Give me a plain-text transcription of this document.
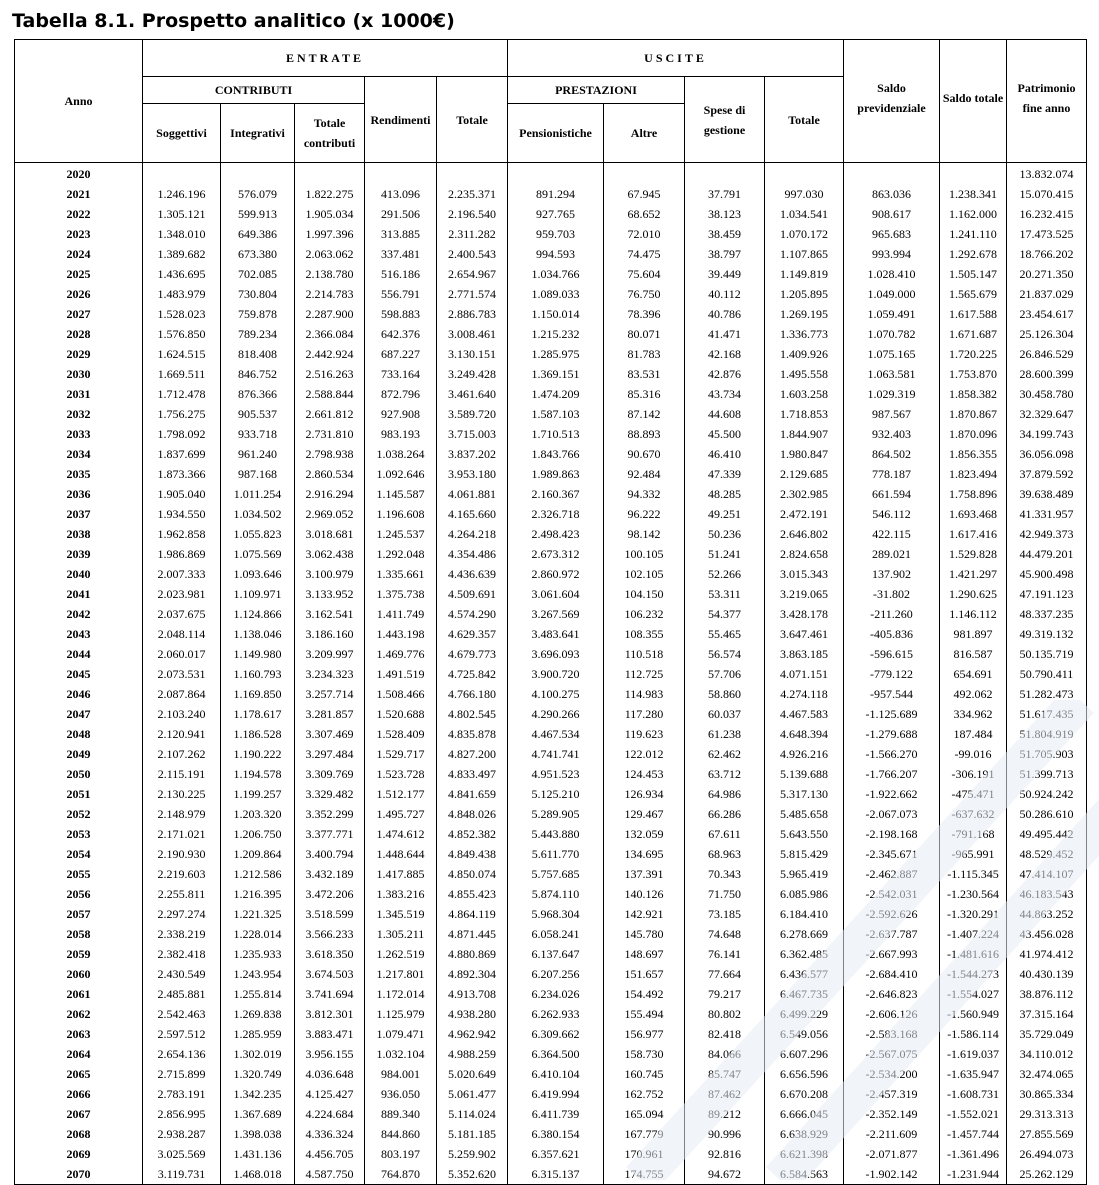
Tabella 8.1. Prospetto analitico (x 1000€)
Anno	ENTRATE					USCITE				Saldo previdenziale	Saldo totale	Patrimonio fine anno
	CONTRIBUTI			Rendimenti	Totale	PRESTAZIONI		Spese di gestione	Totale			
	Soggettivi	Integrativi	Totale contributi			Pensionistiche	Altre					
2020												13.832.074
2021	1.246.196	576.079	1.822.275	413.096	2.235.371	891.294	67.945	37.791	997.030	863.036	1.238.341	15.070.415
2022	1.305.121	599.913	1.905.034	291.506	2.196.540	927.765	68.652	38.123	1.034.541	908.617	1.162.000	16.232.415
2023	1.348.010	649.386	1.997.396	313.885	2.311.282	959.703	72.010	38.459	1.070.172	965.683	1.241.110	17.473.525
2024	1.389.682	673.380	2.063.062	337.481	2.400.543	994.593	74.475	38.797	1.107.865	993.994	1.292.678	18.766.202
2025	1.436.695	702.085	2.138.780	516.186	2.654.967	1.034.766	75.604	39.449	1.149.819	1.028.410	1.505.147	20.271.350
2026	1.483.979	730.804	2.214.783	556.791	2.771.574	1.089.033	76.750	40.112	1.205.895	1.049.000	1.565.679	21.837.029
2027	1.528.023	759.878	2.287.900	598.883	2.886.783	1.150.014	78.396	40.786	1.269.195	1.059.491	1.617.588	23.454.617
2028	1.576.850	789.234	2.366.084	642.376	3.008.461	1.215.232	80.071	41.471	1.336.773	1.070.782	1.671.687	25.126.304
2029	1.624.515	818.408	2.442.924	687.227	3.130.151	1.285.975	81.783	42.168	1.409.926	1.075.165	1.720.225	26.846.529
2030	1.669.511	846.752	2.516.263	733.164	3.249.428	1.369.151	83.531	42.876	1.495.558	1.063.581	1.753.870	28.600.399
2031	1.712.478	876.366	2.588.844	872.796	3.461.640	1.474.209	85.316	43.734	1.603.258	1.029.319	1.858.382	30.458.780
2032	1.756.275	905.537	2.661.812	927.908	3.589.720	1.587.103	87.142	44.608	1.718.853	987.567	1.870.867	32.329.647
2033	1.798.092	933.718	2.731.810	983.193	3.715.003	1.710.513	88.893	45.500	1.844.907	932.403	1.870.096	34.199.743
2034	1.837.699	961.240	2.798.938	1.038.264	3.837.202	1.843.766	90.670	46.410	1.980.847	864.502	1.856.355	36.056.098
2035	1.873.366	987.168	2.860.534	1.092.646	3.953.180	1.989.863	92.484	47.339	2.129.685	778.187	1.823.494	37.879.592
2036	1.905.040	1.011.254	2.916.294	1.145.587	4.061.881	2.160.367	94.332	48.285	2.302.985	661.594	1.758.896	39.638.489
2037	1.934.550	1.034.502	2.969.052	1.196.608	4.165.660	2.326.718	96.222	49.251	2.472.191	546.112	1.693.468	41.331.957
2038	1.962.858	1.055.823	3.018.681	1.245.537	4.264.218	2.498.423	98.142	50.236	2.646.802	422.115	1.617.416	42.949.373
2039	1.986.869	1.075.569	3.062.438	1.292.048	4.354.486	2.673.312	100.105	51.241	2.824.658	289.021	1.529.828	44.479.201
2040	2.007.333	1.093.646	3.100.979	1.335.661	4.436.639	2.860.972	102.105	52.266	3.015.343	137.902	1.421.297	45.900.498
2041	2.023.981	1.109.971	3.133.952	1.375.738	4.509.691	3.061.604	104.150	53.311	3.219.065	-31.802	1.290.625	47.191.123
2042	2.037.675	1.124.866	3.162.541	1.411.749	4.574.290	3.267.569	106.232	54.377	3.428.178	-211.260	1.146.112	48.337.235
2043	2.048.114	1.138.046	3.186.160	1.443.198	4.629.357	3.483.641	108.355	55.465	3.647.461	-405.836	981.897	49.319.132
2044	2.060.017	1.149.980	3.209.997	1.469.776	4.679.773	3.696.093	110.518	56.574	3.863.185	-596.615	816.587	50.135.719
2045	2.073.531	1.160.793	3.234.323	1.491.519	4.725.842	3.900.720	112.725	57.706	4.071.151	-779.122	654.691	50.790.411
2046	2.087.864	1.169.850	3.257.714	1.508.466	4.766.180	4.100.275	114.983	58.860	4.274.118	-957.544	492.062	51.282.473
2047	2.103.240	1.178.617	3.281.857	1.520.688	4.802.545	4.290.266	117.280	60.037	4.467.583	-1.125.689	334.962	51.617.435
2048	2.120.941	1.186.528	3.307.469	1.528.409	4.835.878	4.467.534	119.623	61.238	4.648.394	-1.279.688	187.484	51.804.919
2049	2.107.262	1.190.222	3.297.484	1.529.717	4.827.200	4.741.741	122.012	62.462	4.926.216	-1.566.270	-99.016	51.705.903
2050	2.115.191	1.194.578	3.309.769	1.523.728	4.833.497	4.951.523	124.453	63.712	5.139.688	-1.766.207	-306.191	51.399.713
2051	2.130.225	1.199.257	3.329.482	1.512.177	4.841.659	5.125.210	126.934	64.986	5.317.130	-1.922.662	-475.471	50.924.242
2052	2.148.979	1.203.320	3.352.299	1.495.727	4.848.026	5.289.905	129.467	66.286	5.485.658	-2.067.073	-637.632	50.286.610
2053	2.171.021	1.206.750	3.377.771	1.474.612	4.852.382	5.443.880	132.059	67.611	5.643.550	-2.198.168	-791.168	49.495.442
2054	2.190.930	1.209.864	3.400.794	1.448.644	4.849.438	5.611.770	134.695	68.963	5.815.429	-2.345.671	-965.991	48.529.452
2055	2.219.603	1.212.586	3.432.189	1.417.885	4.850.074	5.757.685	137.391	70.343	5.965.419	-2.462.887	-1.115.345	47.414.107
2056	2.255.811	1.216.395	3.472.206	1.383.216	4.855.423	5.874.110	140.126	71.750	6.085.986	-2.542.031	-1.230.564	46.183.543
2057	2.297.274	1.221.325	3.518.599	1.345.519	4.864.119	5.968.304	142.921	73.185	6.184.410	-2.592.626	-1.320.291	44.863.252
2058	2.338.219	1.228.014	3.566.233	1.305.211	4.871.445	6.058.241	145.780	74.648	6.278.669	-2.637.787	-1.407.224	43.456.028
2059	2.382.418	1.235.933	3.618.350	1.262.519	4.880.869	6.137.647	148.697	76.141	6.362.485	-2.667.993	-1.481.616	41.974.412
2060	2.430.549	1.243.954	3.674.503	1.217.801	4.892.304	6.207.256	151.657	77.664	6.436.577	-2.684.410	-1.544.273	40.430.139
2061	2.485.881	1.255.814	3.741.694	1.172.014	4.913.708	6.234.026	154.492	79.217	6.467.735	-2.646.823	-1.554.027	38.876.112
2062	2.542.463	1.269.838	3.812.301	1.125.979	4.938.280	6.262.933	155.494	80.802	6.499.229	-2.606.126	-1.560.949	37.315.164
2063	2.597.512	1.285.959	3.883.471	1.079.471	4.962.942	6.309.662	156.977	82.418	6.549.056	-2.583.168	-1.586.114	35.729.049
2064	2.654.136	1.302.019	3.956.155	1.032.104	4.988.259	6.364.500	158.730	84.066	6.607.296	-2.567.075	-1.619.037	34.110.012
2065	2.715.899	1.320.749	4.036.648	984.001	5.020.649	6.410.104	160.745	85.747	6.656.596	-2.534.200	-1.635.947	32.474.065
2066	2.783.191	1.342.235	4.125.427	936.050	5.061.477	6.419.994	162.752	87.462	6.670.208	-2.457.319	-1.608.731	30.865.334
2067	2.856.995	1.367.689	4.224.684	889.340	5.114.024	6.411.739	165.094	89.212	6.666.045	-2.352.149	-1.552.021	29.313.313
2068	2.938.287	1.398.038	4.336.324	844.860	5.181.185	6.380.154	167.779	90.996	6.638.929	-2.211.609	-1.457.744	27.855.569
2069	3.025.569	1.431.136	4.456.705	803.197	5.259.902	6.357.621	170.961	92.816	6.621.398	-2.071.877	-1.361.496	26.494.073
2070	3.119.731	1.468.018	4.587.750	764.870	5.352.620	6.315.137	174.755	94.672	6.584.563	-1.902.142	-1.231.944	25.262.129
